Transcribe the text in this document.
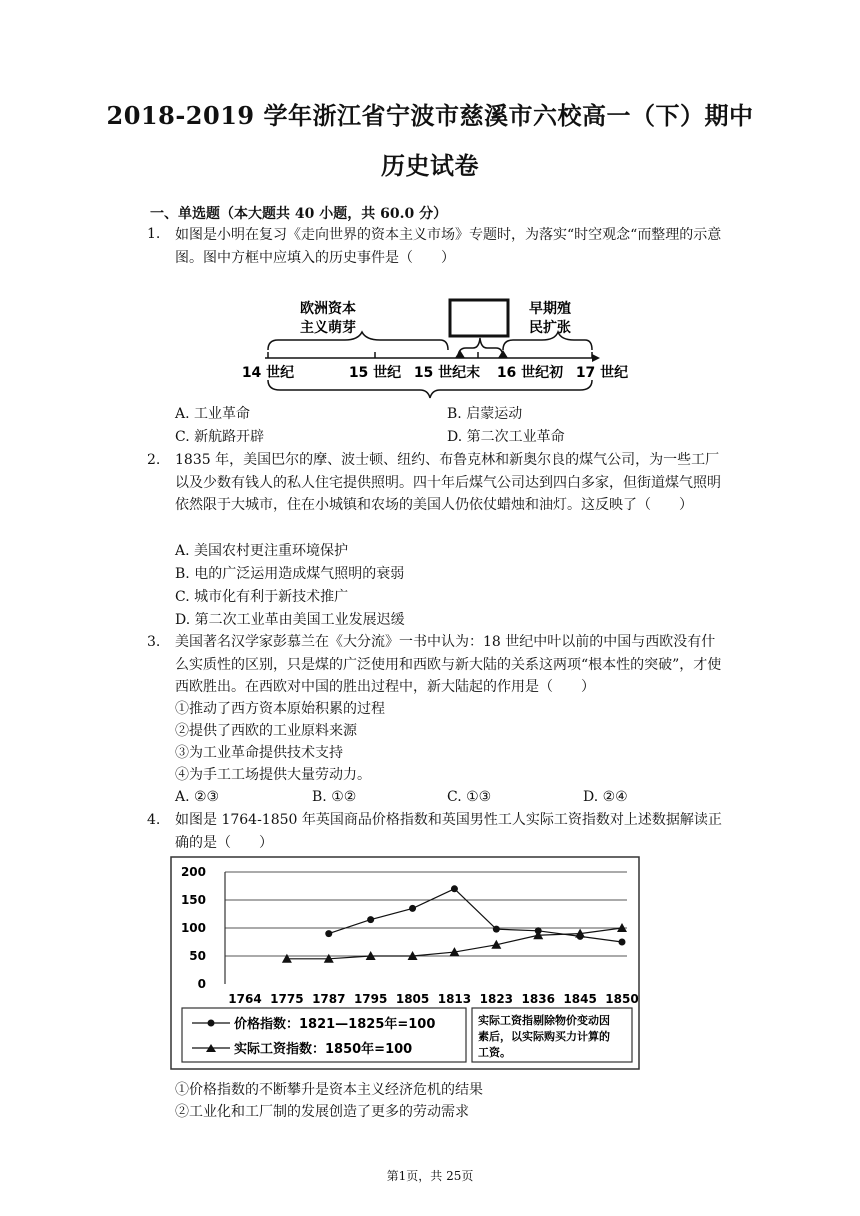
2018-2019 学年浙江省宁波市慈溪市六校高一（下）期中
历史试卷
一、单选题（本大题共 40 小题，共 60.0 分）
1. 如图是小明在复习《走向世界的资本主义市场》专题时，为落实“时空观念“而整理的示意图。图中方框中应填入的历史事件是（　　）
欧洲资本
主义萌芽
早期殖
民扩张
14 世纪	15 世纪 15 世纪末 16 世纪初 17 世纪
A. 工业革命	B. 启蒙运动
C. 新航路开辟	D. 第二次工业革命
2. 1835 年，美国巴尔的摩、波士顿、纽约、布鲁克林和新奥尔良的煤气公司，为一些工厂以及少数有钱人的私人住宅提供照明。四十年后煤气公司达到四白多家，但街道煤气照明依然限于大城市，住在小城镇和农场的美国人仍依仗蜡烛和油灯。这反映了（　　）
A. 美国农村更注重环境保护
B. 电的广泛运用造成煤气照明的衰弱
C. 城市化有利于新技术推广
D. 第二次工业革由美国工业发展迟缓
3. 美国著名汉学家彭慕兰在《大分流》一书中认为：18 世纪中叶以前的中国与西欧没有什么实质性的区别，只是煤的广泛使用和西欧与新大陆的关系这两项“根本性的突破”，才使西欧胜出。在西欧对中国的胜出过程中，新大陆起的作用是（　　）
①推动了西方资本原始积累的过程
②提供了西欧的工业原料来源
③为工业革命提供技术支持
④为手工工场提供大量劳动力。
A. ②③	B. ①②	C. ①③	D. ②④
4. 如图是 1764-1850 年英国商品价格指数和英国男性工人实际工资指数对上述数据解读正确的是（　　）
0
50
100
150
200
1764 1775 1787 1795 1805 1813 1823 1836 1845 1850
价格指数：1821—1825年=100
实际工资指数：1850年=100
实际工资指剔除物价变动因 素后，以实际购买力计算的 工资。
①价格指数的不断攀升是资本主义经济危机的结果
②工业化和工厂制的发展创造了更多的劳动需求
第1页，共 25页
